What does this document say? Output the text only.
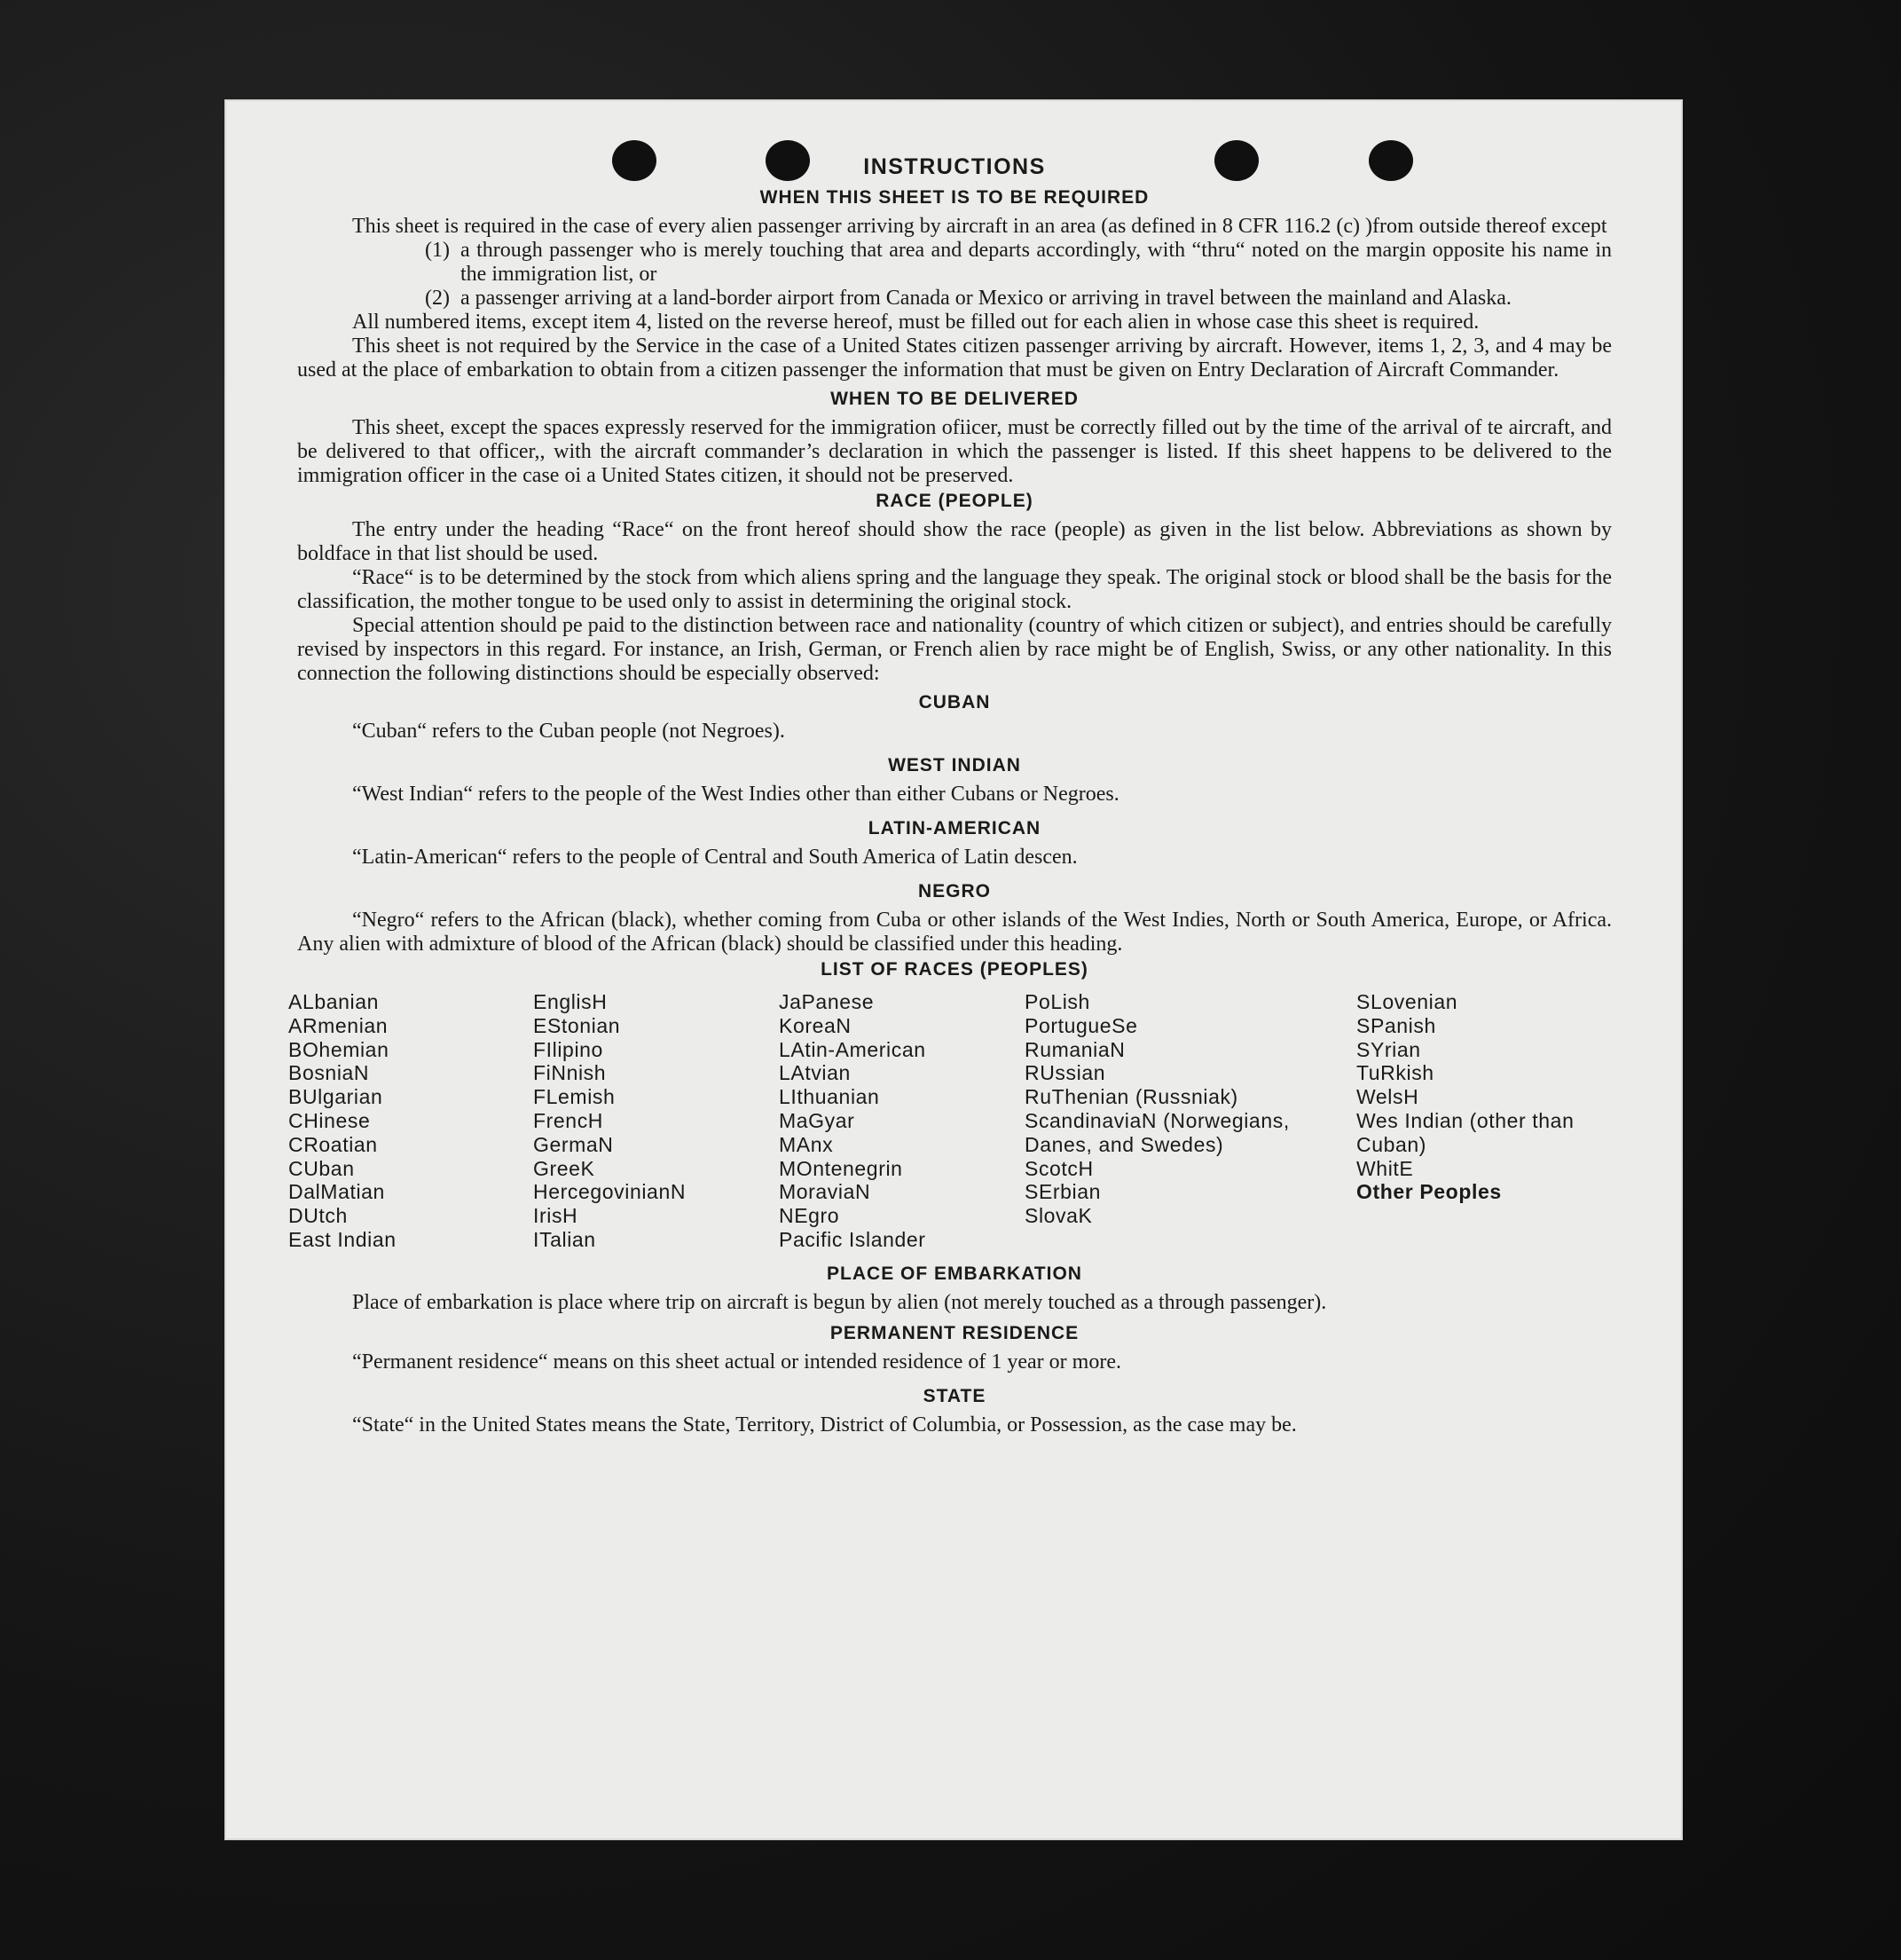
INSTRUCTIONS
WHEN THIS SHEET IS TO BE REQUIRED

This sheet is required in the case of every alien passenger arriving by aircraft in an area (as defined in 8 CFR 116.2 (c) )from outside thereof except

(1) a through passenger who is merely touching that area and departs accordingly, with “thru“ noted on the margin opposite his name in the immigration list, or
(2) a passenger arriving at a land-border airport from Canada or Mexico or arriving in travel between the mainland and Alaska.

All numbered items, except item 4, listed on the reverse hereof, must be filled out for each alien in whose case this sheet is required.

This sheet is not required by the Service in the case of a United States citizen passenger arriving by aircraft. However, items 1, 2, 3, and 4 may be used at the place of embarkation to obtain from a citizen passenger the information that must be given on Entry Declaration of Aircraft Commander.

WHEN TO BE DELIVERED

This sheet, except the spaces expressly reserved for the immigration ofiicer, must be correctly filled out by the time of the arrival of te aircraft, and be delivered to that officer,, with the aircraft commander’s declaration in which the passenger is listed. If this sheet happens to be delivered to the immigration officer in the case oi a United States citizen, it should not be preserved.

RACE (PEOPLE)

The entry under the heading “Race“ on the front hereof should show the race (people) as given in the list below. Abbreviations as shown by boldface in that list should be used.

“Race“ is to be determined by the stock from which aliens spring and the language they speak. The original stock or blood shall be the basis for the classification, the mother tongue to be used only to assist in determining the original stock.

Special attention should pe paid to the distinction between race and nationality (country of which citizen or subject), and entries should be carefully revised by inspectors in this regard. For instance, an Irish, German, or French alien by race might be of English, Swiss, or any other nationality. In this connection the following distinctions should be especially observed:

CUBAN

“Cuban“ refers to the Cuban people (not Negroes).

WEST INDIAN

“West Indian“ refers to the people of the West Indies other than either Cubans or Negroes.

LATIN-AMERICAN

“Latin-American“ refers to the people of Central and South America of Latin descen.

NEGRO

“Negro“ refers to the African (black), whether coming from Cuba or other islands of the West Indies, North or South America, Europe, or Africa. Any alien with admixture of blood of the African (black) should be classified under this heading.

LIST OF RACES (PEOPLES)
ALbanian
ARmenian
BOhemian
BosniaN
BUlgarian
CHinese
CRoatian
CUban
DalMatian
DUtch
East Indian
EnglisH
EStonian
FIlipino
FiNnish
FLemish
FrencH
GermaN
GreeK
HercegovinianN
IrisH
ITalian
JaPanese
KoreaN
LAtin-American
LAtvian
LIthuanian
MaGyar
MAnx
MOntenegrin
MoraviaN
NEgro
Pacific Islander
PoLish
PortugueSe
RumaniaN
RUssian
RuThenian (Russniak)
ScandinaviaN (Norwegians, Danes, and Swedes)
ScotcH
SErbian
SlovaK
SLovenian
SPanish
SYrian
TuRkish
WelsH
Wes Indian (other than Cuban)
WhitE
Other Peoples
PLACE OF EMBARKATION

Place of embarkation is place where trip on aircraft is begun by alien (not merely touched as a through passenger).

PERMANENT RESIDENCE

“Permanent residence“ means on this sheet actual or intended residence of 1 year or more.

STATE

“State“ in the United States means the State, Territory, District of Columbia, or Possession, as the case may be.
